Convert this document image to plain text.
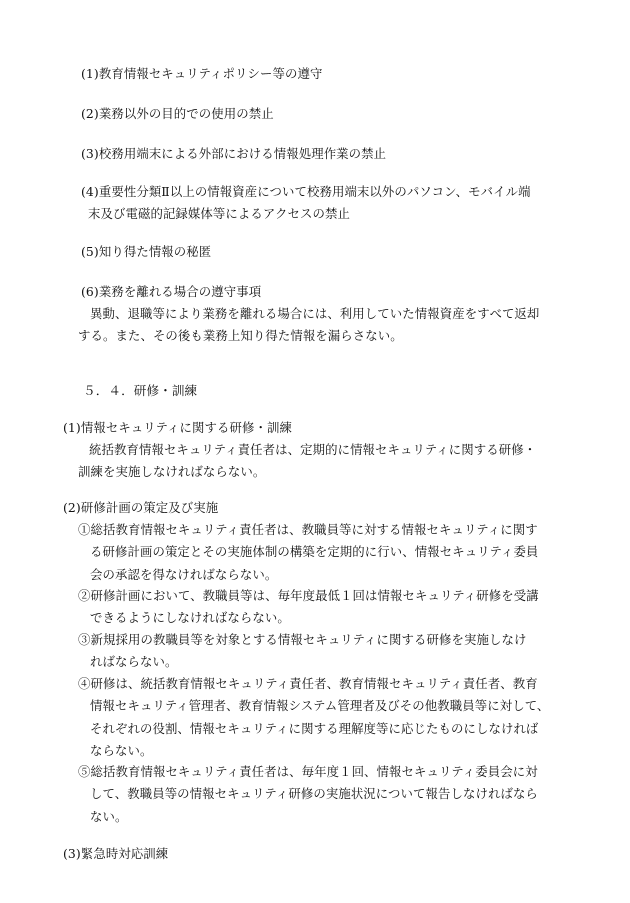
(1)教育情報セキュリティポリシー等の遵守
(2)業務以外の目的での使用の禁止
(3)校務用端末による外部における情報処理作業の禁止
(4)重要性分類Ⅱ以上の情報資産について校務用端末以外のパソコン、モバイル端
末及び電磁的記録媒体等によるアクセスの禁止
(5)知り得た情報の秘匿
(6)業務を離れる場合の遵守事項
異動、退職等により業務を離れる場合には、利用していた情報資産をすべて返却
する。また、その後も業務上知り得た情報を漏らさない。
５．４．研修・訓練
(1)情報セキュリティに関する研修・訓練
統括教育情報セキュリティ責任者は、定期的に情報セキュリティに関する研修・
訓練を実施しなければならない。
(2)研修計画の策定及び実施
①総括教育情報セキュリティ責任者は、教職員等に対する情報セキュリティに関す
る研修計画の策定とその実施体制の構築を定期的に行い、情報セキュリティ委員
会の承認を得なければならない。
②研修計画において、教職員等は、毎年度最低１回は情報セキュリティ研修を受講
できるようにしなければならない。
③新規採用の教職員等を対象とする情報セキュリティに関する研修を実施しなけ
ればならない。
④研修は、統括教育情報セキュリティ責任者、教育情報セキュリティ責任者、教育
情報セキュリティ管理者、教育情報システム管理者及びその他教職員等に対して、
それぞれの役割、情報セキュリティに関する理解度等に応じたものにしなければ
ならない。
⑤総括教育情報セキュリティ責任者は、毎年度１回、情報セキュリティ委員会に対
して、教職員等の情報セキュリティ研修の実施状況について報告しなければなら
ない。
(3)緊急時対応訓練
